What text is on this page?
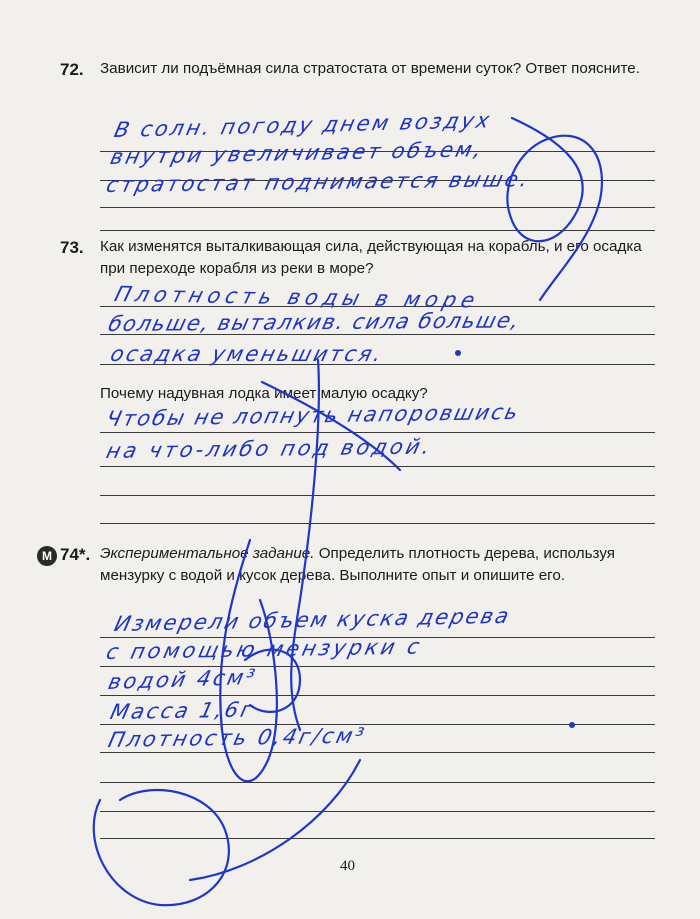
72. Зависит ли подъёмная сила стратостата от времени суток? Ответ поясните.
В солн. погоду днем воздух
внутри увеличивает объем,
стратостат поднимается выше.
73. Как изменятся выталкивающая сила, действующая на корабль, и его осадка при переходе корабля из реки в море?
Плотность воды в море
больше, выталкив. сила больше,
осадка уменьшится.
Почему надувная лодка имеет малую осадку?
Чтобы не лопнуть напоровшись
на что-либо под водой.
М 74*. Экспериментальное задание. Определить плотность дерева, используя мензурку с водой и кусок дерева. Выполните опыт и опишите его.
Измерели объем куска дерева
с помощью мензурки с
водой 4см³
Масса 1,6г
Плотность 0,4г/см³
40
